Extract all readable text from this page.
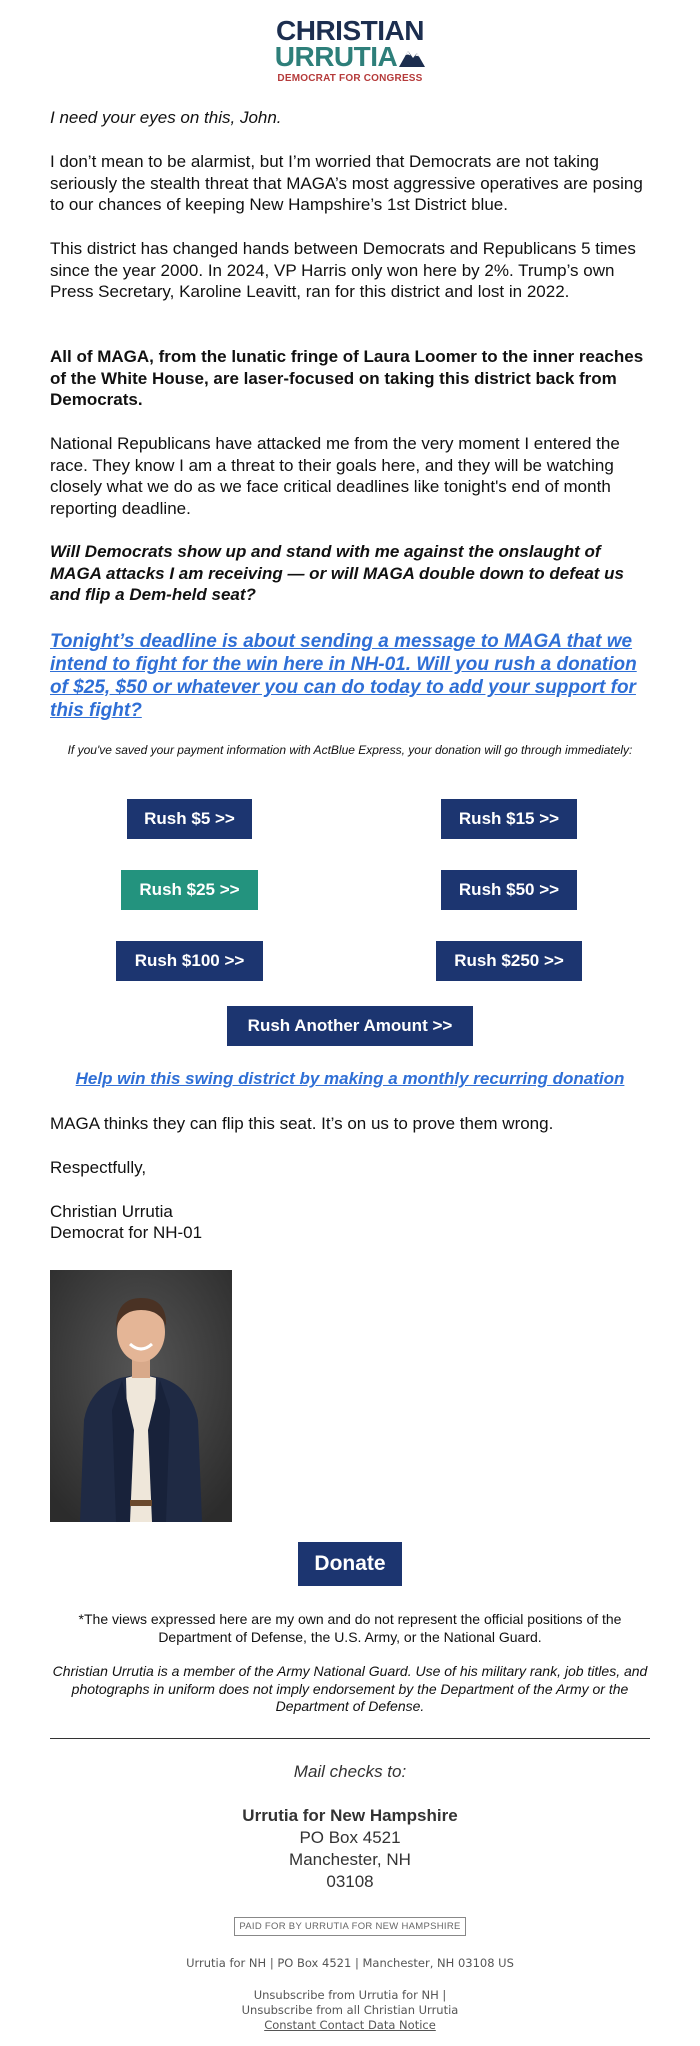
CHRISTIAN
URRUTIA
DEMOCRAT FOR CONGRESS

I need your eyes on this, John.

I don’t mean to be alarmist, but I’m worried that Democrats are not taking seriously the stealth threat that MAGA’s most aggressive operatives are posing to our chances of keeping New Hampshire’s 1st District blue.

This district has changed hands between Democrats and Republicans 5 times since the year 2000. In 2024, VP Harris only won here by 2%. Trump’s own Press Secretary, Karoline Leavitt, ran for this district and lost in 2022.

All of MAGA, from the lunatic fringe of Laura Loomer to the inner reaches of the White House, are laser-focused on taking this district back from Democrats.

National Republicans have attacked me from the very moment I entered the race. They know I am a threat to their goals here, and they will be watching closely what we do as we face critical deadlines like tonight's end of month reporting deadline.

Will Democrats show up and stand with me against the onslaught of MAGA attacks I am receiving — or will MAGA double down to defeat us and flip a Dem-held seat?

Tonight’s deadline is about sending a message to MAGA that we intend to fight for the win here in NH-01. Will you rush a donation of $25, $50 or whatever you can do today to add your support for this fight?

If you've saved your payment information with ActBlue Express, your donation will go through immediately:
Rush $5 >>	Rush $15 >>
Rush $25 >>	Rush $50 >>
Rush $100 >>	Rush $250 >>
Rush Another Amount >>
Help win this swing district by making a monthly recurring donation

MAGA thinks they can flip this seat. It’s on us to prove them wrong.

Respectfully,

Christian Urrutia

Democrat for NH-01

Donate
*The views expressed here are my own and do not represent the official positions of the Department of Defense, the U.S. Army, or the National Guard.
Christian Urrutia is a member of the Army National Guard. Use of his military rank, job titles, and photographs in uniform does not imply endorsement by the Department of the Army or the Department of Defense.
Mail checks to:
Urrutia for New Hampshire
PO Box 4521
Manchester, NH
03108
PAID FOR BY URRUTIA FOR NEW HAMPSHIRE
Urrutia for NH | PO Box 4521 | Manchester, NH 03108 US
Unsubscribe from Urrutia for NH |
Unsubscribe from all Christian Urrutia
Constant Contact Data Notice
